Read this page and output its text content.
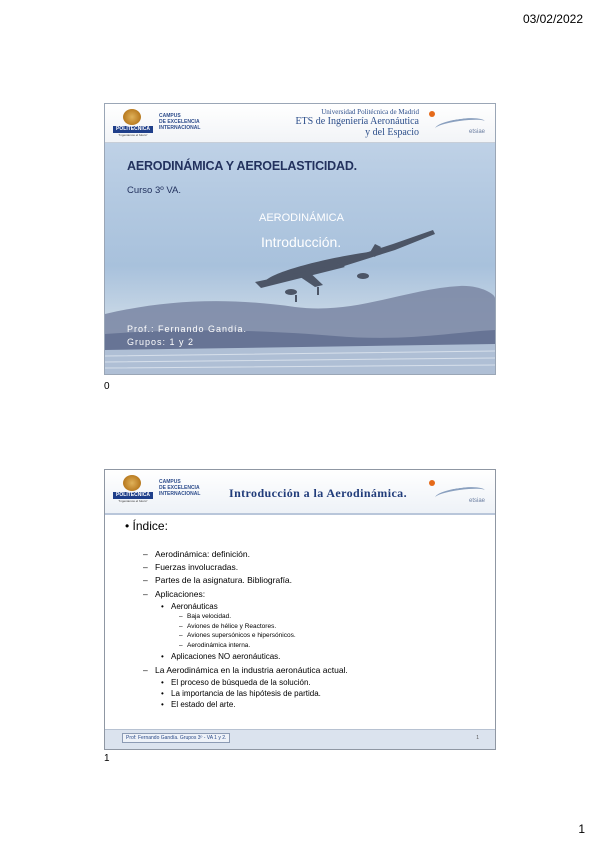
03/02/2022
POLITÉCNICA
"Ingeniamos el futuro"
CAMPUS
DE EXCELENCIA
INTERNACIONAL
Universidad Politécnica de Madrid
ETS de Ingeniería Aeronáutica
y del Espacio	etsiae
AERODINÁMICA Y AEROELASTICIDAD.
Curso 3º VA.
AERODINÁMICA
Introducción.
Prof.: Fernando Gandía.
Grupos: 1 y 2
0
POLITÉCNICA
"Ingeniamos el futuro"
CAMPUS
DE EXCELENCIA
INTERNACIONAL Introducción a la Aerodinámica.
etsiae
• Índice:
– Aerodinámica: definición.
– Fuerzas involucradas.
– Partes de la asignatura. Bibliografía.
– Aplicaciones:
• Aeronáuticas
– Baja velocidad.
– Aviones de hélice y Reactores.
– Aviones supersónicos e hipersónicos.
– Aerodinámica interna.
• Aplicaciones NO aeronáuticas.
– La Aerodinámica en la industria aeronáutica actual.
• El proceso de búsqueda de la solución.
• La importancia de las hipótesis de partida.
• El estado del arte.
Prof: Fernando Gandía. Grupos 3º - VA 1 y 2.	1
1
1
